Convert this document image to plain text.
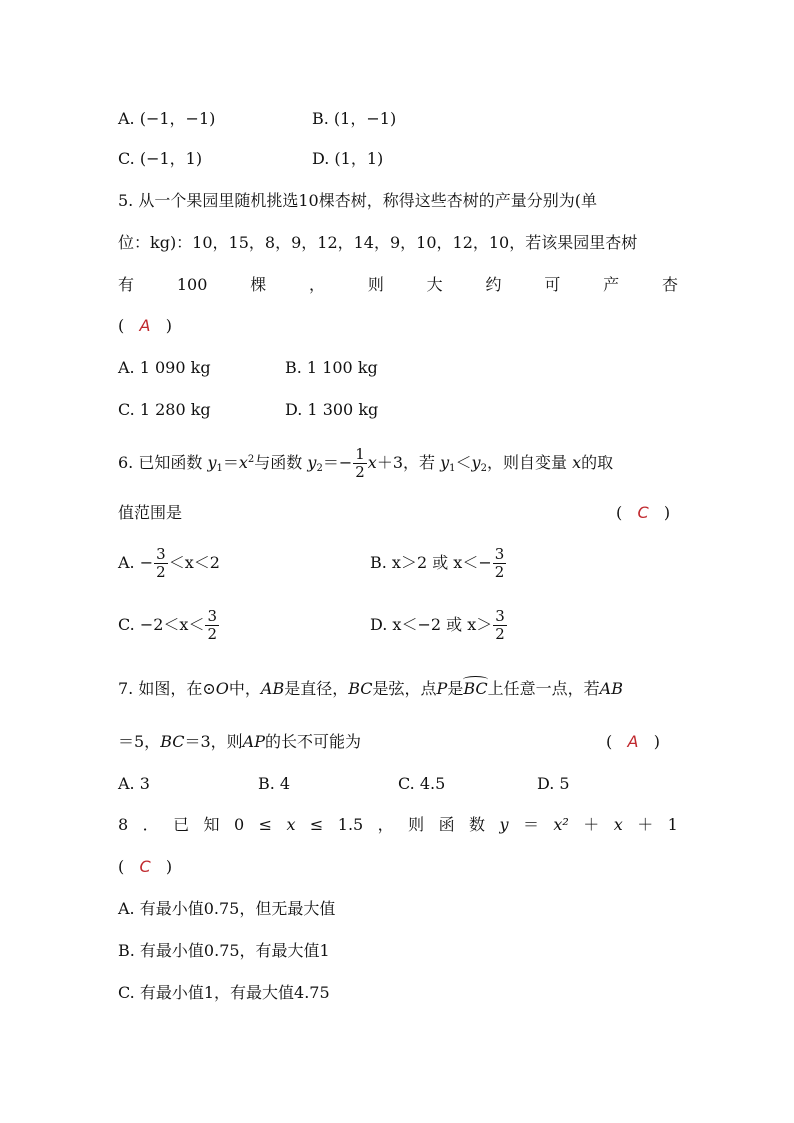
A. (−1，−1)	B. (1，−1)
C. (−1，1)	D. (1，1)
5. 从一个果园里随机挑选10棵杏树，称得这些杏树的产量分别为(单
位：kg)：10，15，8，9，12，14，9，10，12，10，若该果园里杏树
有	100	棵	，	则	大	约	可	产	杏
( A )
A. 1 090 kg	B. 1 100 kg
C. 1 280 kg	D. 1 300 kg
6. 已知函数 $y_1=x^2$与函数 $y_2=- \frac{1}{2} x+3$，若 $y_1<y_2$，则自变量 x的取
值范围是	(   C   )
A. − $\frac{3}{2} <x<2$	B. x＞2 或 $x<- \frac{3}{2}$
C. $-2<x< \frac{3}{2}$	D. x＜−2 或 $x> \frac{3}{2}$
7. 如图，在⊙O中，AB是直径，BC是弦，点P是BC上任意一点，若AB
＝5，BC＝3，则AP的长不可能为	(   A   )
A. 3	B. 4	C. 4.5	D. 5
8 ． 已 知 0 ≤ x ≤ 1.5 ， 则 函 数 y ＝ x² ＋ x ＋ 1
(   C   )
A. 有最小值0.75，但无最大值
B. 有最小值0.75，有最大值1
C. 有最小值1，有最大值4.75
